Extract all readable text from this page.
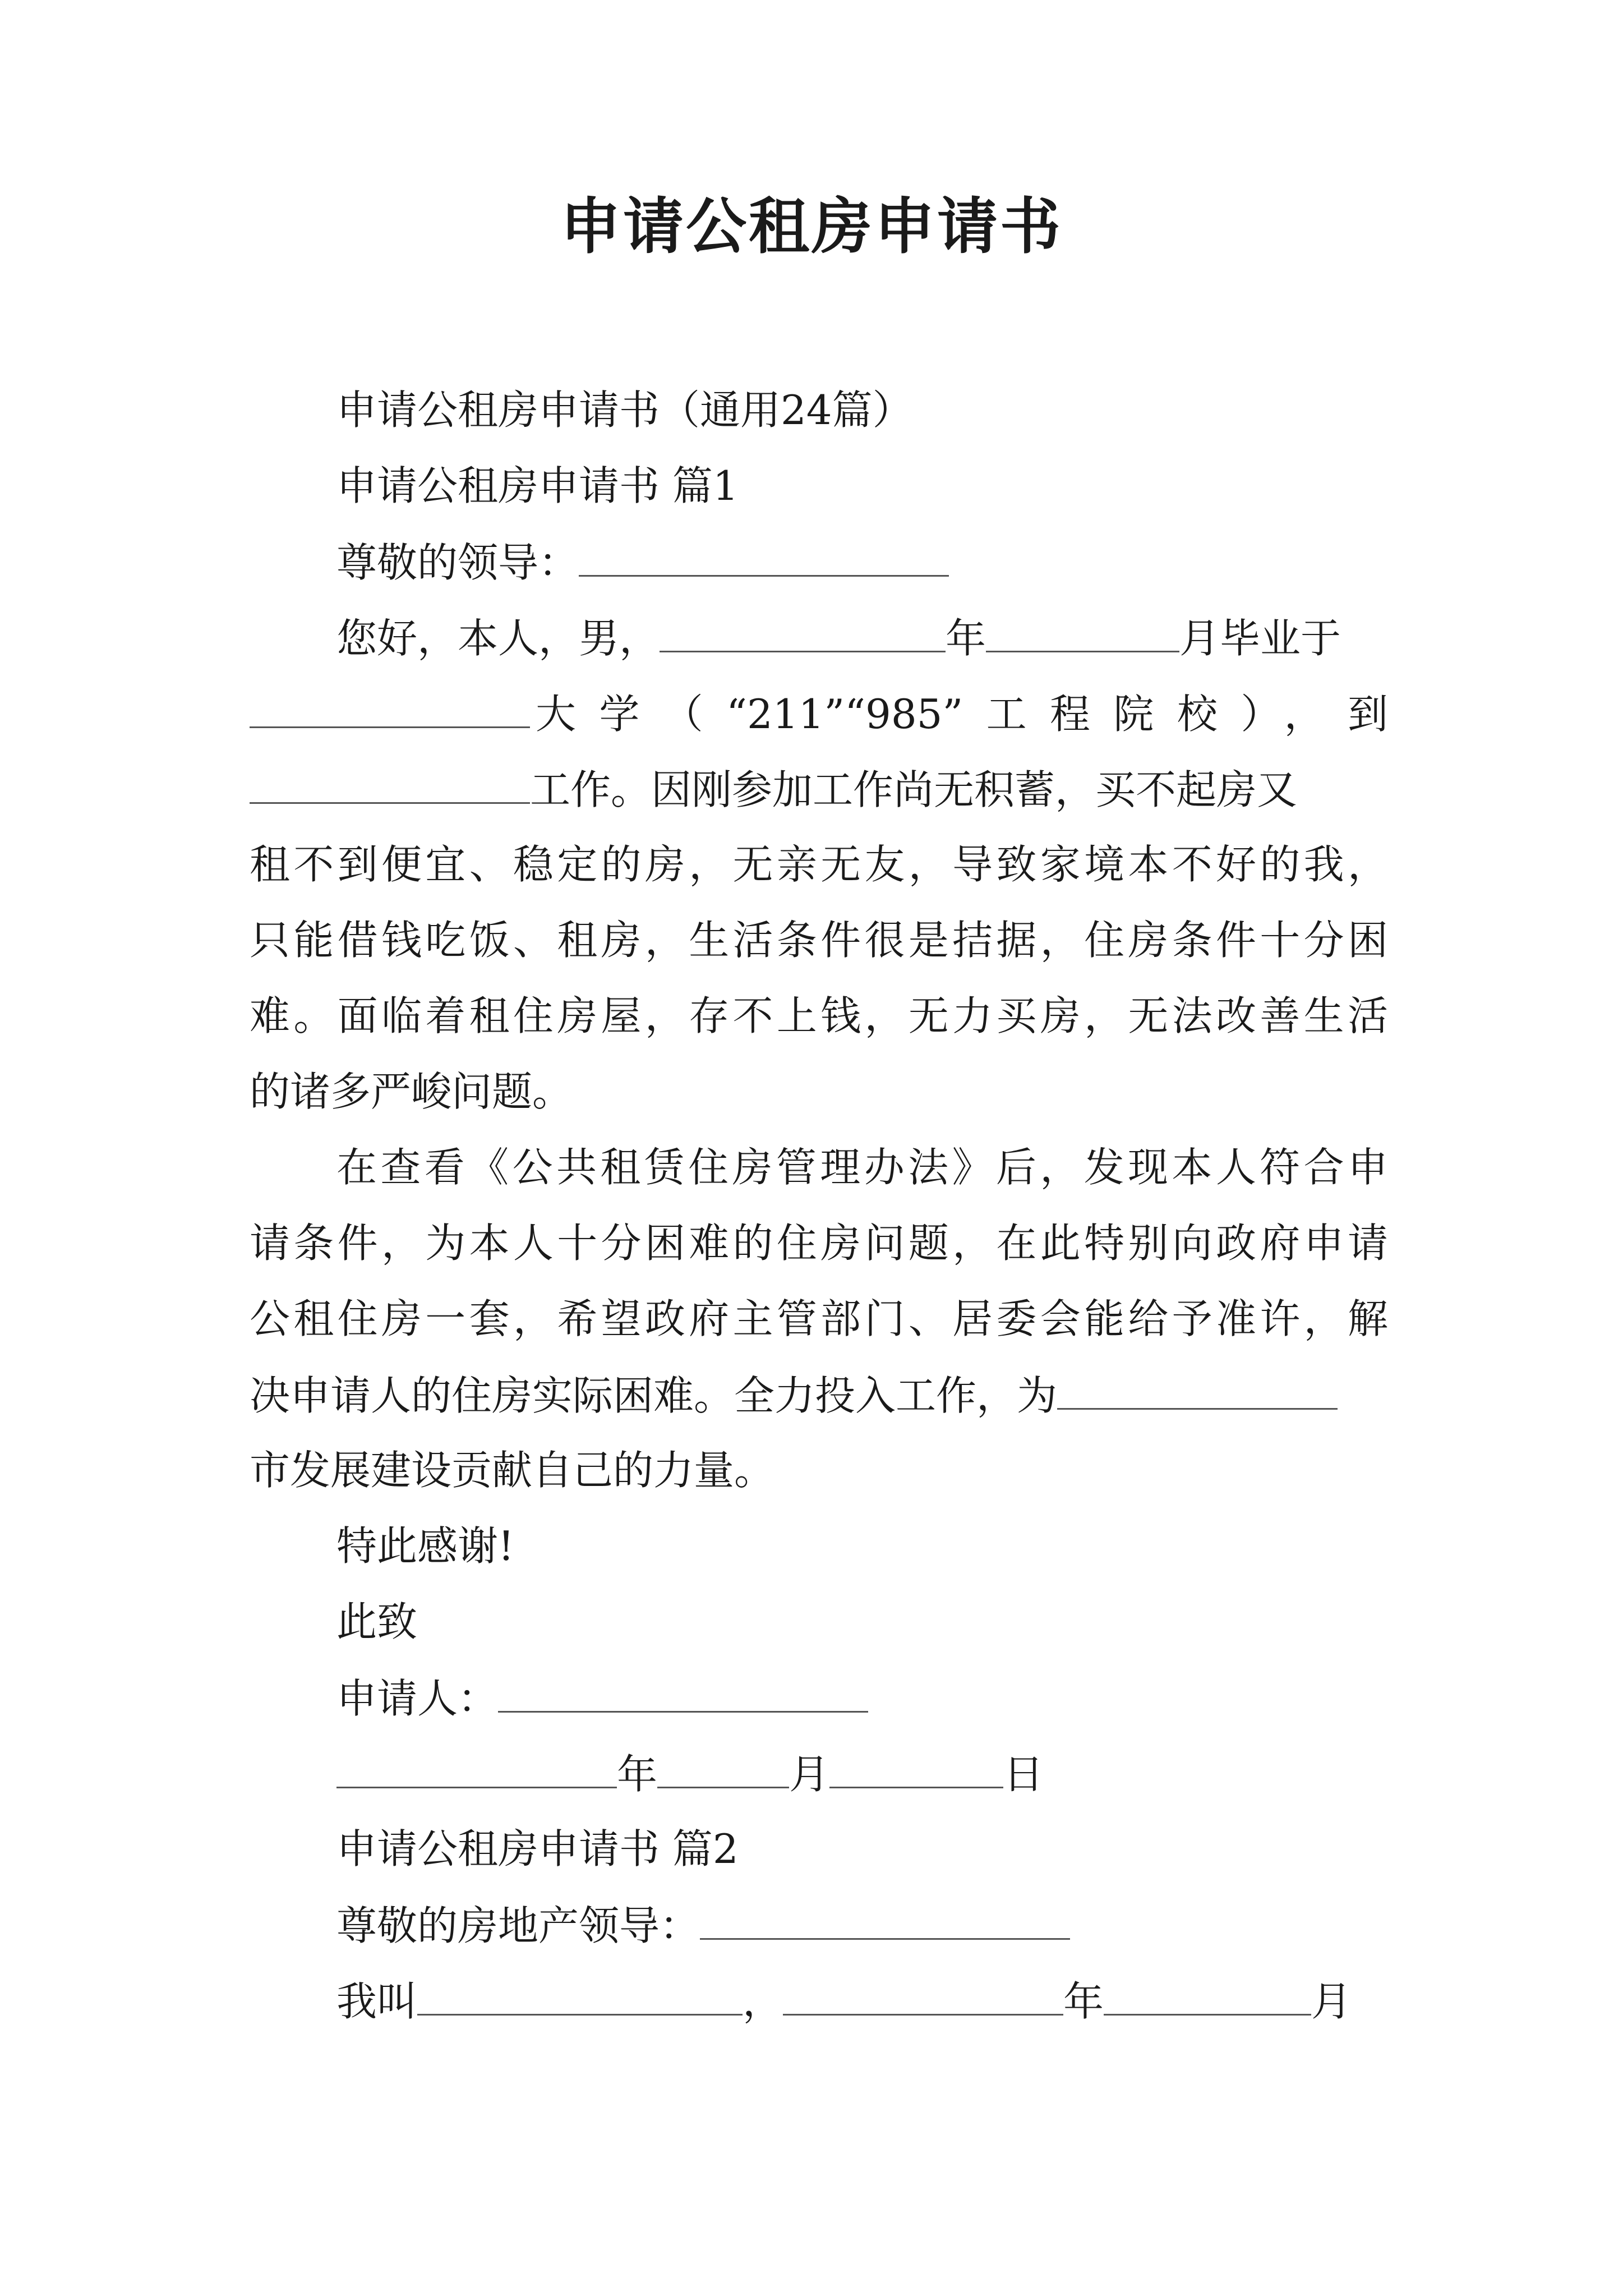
申请公租房申请书
申请公租房申请书（通用24篇）
申请公租房申请书 篇1
尊敬的领导：
您好，本人，男，	年	月毕业于
大学（“211”“985”工程院校），到
工作。因刚参加工作尚无积蓄，买不起房又
租不到便宜、稳定的房，无亲无友，导致家境本不好的我，
只能借钱吃饭、租房，生活条件很是拮据，住房条件十分困
难。面临着租住房屋，存不上钱，无力买房，无法改善生活
的诸多严峻问题。
在查看《公共租赁住房管理办法》后，发现本人符合申
请条件，为本人十分困难的住房问题，在此特别向政府申请
公租住房一套，希望政府主管部门、居委会能给予准许，解
决申请人的住房实际困难。全力投入工作，为
市发展建设贡献自己的力量。
特此感谢!
此致
申请人：
年	月	日
申请公租房申请书 篇2
尊敬的房地产领导：
我叫	，	年	月
